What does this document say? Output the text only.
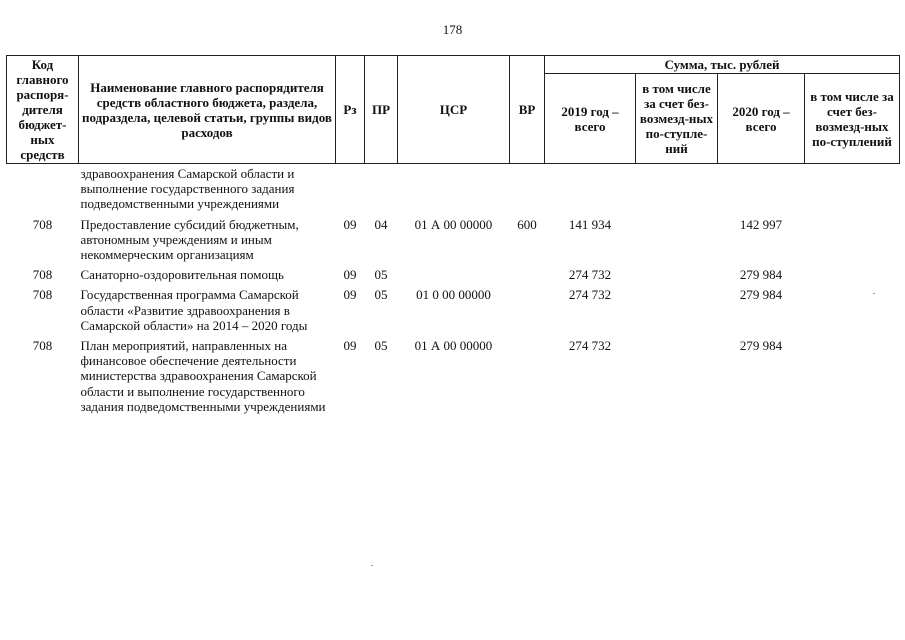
178
Код главного распоря-дителя бюджет-ных средств	Наименование главного распорядителя средств областного бюджета, раздела, подраздела, целевой статьи, группы видов расходов	Рз	ПР	ЦСР	ВР	Сумма, тыс. рублей			
						2019 год – всего	в том числе за счет без-возмезд-ных по-ступле-ний	2020 год – всего	в том числе за счет без-возмезд-ных по-ступлений
	здравоохранения Самарской области и выполнение государственного задания подведомственными учреждениями								
708	Предоставление субсидий бюджетным, автономным учреждениям и иным некоммерческим организациям	09	04	01 А 00 00000	600	141 934		142 997	
708	Санаторно-оздоровительная помощь	09	05			274 732		279 984	
708	Государственная программа Самарской области «Развитие здравоохранения в Самарской области» на 2014 – 2020 годы	09	05	01 0 00 00000		274 732		279 984	
708	План мероприятий, направленных на финансовое обеспечение деятельности министерства здравоохранения Самарской области и выполнение государственного задания подведомственными учреждениями	09	05	01 А 00 00000		274 732		279 984	
